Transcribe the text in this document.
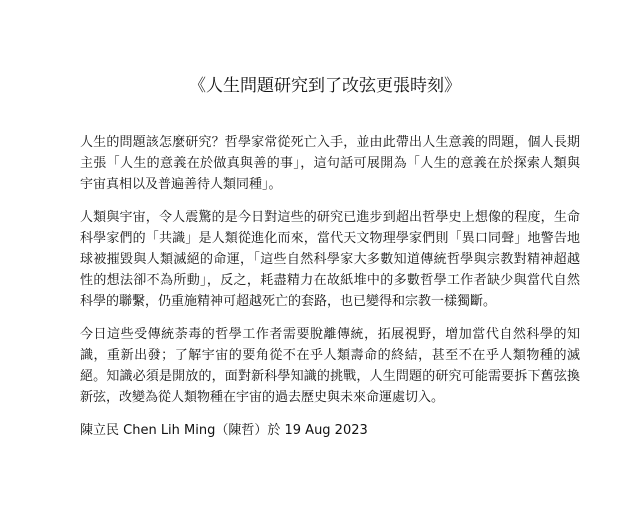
《人生問題研究到了改弦更張時刻》

人生的問題該怎麼研究？哲學家常從死亡入手，並由此帶出人生意義的問題，個人長期主張「人生的意義在於做真與善的事」，這句話可展開為「人生的意義在於探索人類與宇宙真相以及普遍善待人類同種」。

人類與宇宙，令人震驚的是今日對這些的研究已進步到超出哲學史上想像的程度，生命科學家們的「共識」是人類從進化而來，當代天文物理學家們則「異口同聲」地警告地球被摧毀與人類滅絕的命運，「這些自然科學家大多數知道傳統哲學與宗教對精神超越性的想法卻不為所動」，反之，耗盡精力在故紙堆中的多數哲學工作者缺少與當代自然科學的聯繫，仍重施精神可超越死亡的套路，也已變得和宗教一樣獨斷。

今日這些受傳統荼毒的哲學工作者需要脫離傳統，拓展視野，增加當代自然科學的知識，重新出發；了解宇宙的要角從不在乎人類壽命的終結，甚至不在乎人類物種的滅絕。知識必須是開放的，面對新科學知識的挑戰，人生問題的研究可能需要拆下舊弦換新弦，改變為從人類物種在宇宙的過去歷史與未來命運處切入。

陳立民 Chen Lih Ming（陳哲）於 19 Aug 2023
